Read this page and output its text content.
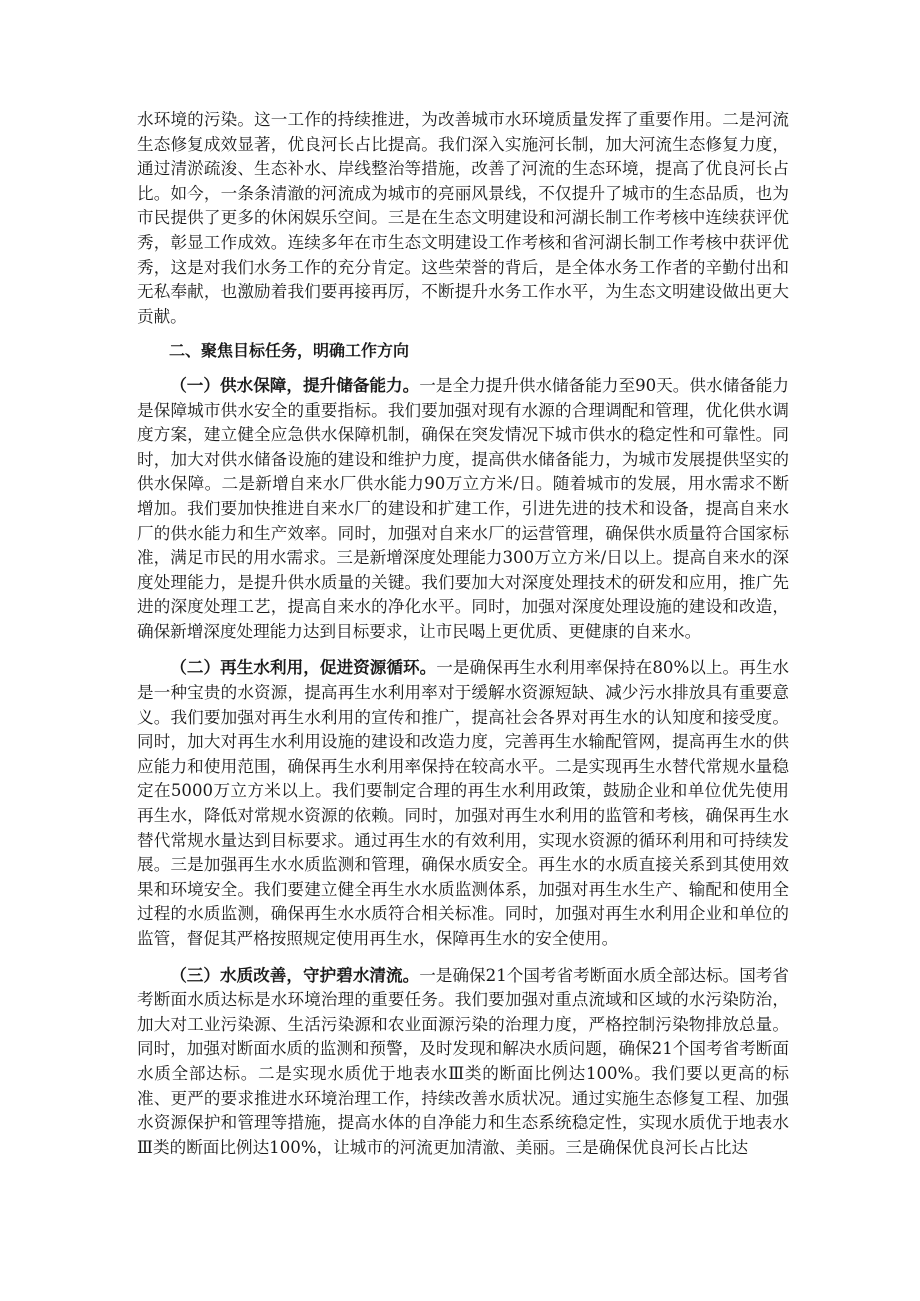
水环境的污染。这一工作的持续推进，为改善城市水环境质量发挥了重要作用。二是河流生态修复成效显著，优良河长占比提高。我们深入实施河长制，加大河流生态修复力度，通过清淤疏浚、生态补水、岸线整治等措施，改善了河流的生态环境，提高了优良河长占比。如今，一条条清澈的河流成为城市的亮丽风景线，不仅提升了城市的生态品质，也为市民提供了更多的休闲娱乐空间。三是在生态文明建设和河湖长制工作考核中连续获评优秀，彰显工作成效。连续多年在市生态文明建设工作考核和省河湖长制工作考核中获评优秀，这是对我们水务工作的充分肯定。这些荣誉的背后，是全体水务工作者的辛勤付出和无私奉献，也激励着我们要再接再厉，不断提升水务工作水平，为生态文明建设做出更大贡献。

二、聚焦目标任务，明确工作方向

（一）供水保障，提升储备能力。一是全力提升供水储备能力至90天。供水储备能力是保障城市供水安全的重要指标。我们要加强对现有水源的合理调配和管理，优化供水调度方案，建立健全应急供水保障机制，确保在突发情况下城市供水的稳定性和可靠性。同时，加大对供水储备设施的建设和维护力度，提高供水储备能力，为城市发展提供坚实的供水保障。二是新增自来水厂供水能力90万立方米/日。随着城市的发展，用水需求不断增加。我们要加快推进自来水厂的建设和扩建工作，引进先进的技术和设备，提高自来水厂的供水能力和生产效率。同时，加强对自来水厂的运营管理，确保供水质量符合国家标准，满足市民的用水需求。三是新增深度处理能力300万立方米/日以上。提高自来水的深度处理能力，是提升供水质量的关键。我们要加大对深度处理技术的研发和应用，推广先进的深度处理工艺，提高自来水的净化水平。同时，加强对深度处理设施的建设和改造，确保新增深度处理能力达到目标要求，让市民喝上更优质、更健康的自来水。

（二）再生水利用，促进资源循环。一是确保再生水利用率保持在80%以上。再生水是一种宝贵的水资源，提高再生水利用率对于缓解水资源短缺、减少污水排放具有重要意义。我们要加强对再生水利用的宣传和推广，提高社会各界对再生水的认知度和接受度。同时，加大对再生水利用设施的建设和改造力度，完善再生水输配管网，提高再生水的供应能力和使用范围，确保再生水利用率保持在较高水平。二是实现再生水替代常规水量稳定在5000万立方米以上。我们要制定合理的再生水利用政策，鼓励企业和单位优先使用再生水，降低对常规水资源的依赖。同时，加强对再生水利用的监管和考核，确保再生水替代常规水量达到目标要求。通过再生水的有效利用，实现水资源的循环利用和可持续发展。三是加强再生水水质监测和管理，确保水质安全。再生水的水质直接关系到其使用效果和环境安全。我们要建立健全再生水水质监测体系，加强对再生水生产、输配和使用全过程的水质监测，确保再生水水质符合相关标准。同时，加强对再生水利用企业和单位的监管，督促其严格按照规定使用再生水，保障再生水的安全使用。

（三）水质改善，守护碧水清流。一是确保21个国考省考断面水质全部达标。国考省考断面水质达标是水环境治理的重要任务。我们要加强对重点流域和区域的水污染防治，加大对工业污染源、生活污染源和农业面源污染的治理力度，严格控制污染物排放总量。同时，加强对断面水质的监测和预警，及时发现和解决水质问题，确保21个国考省考断面水质全部达标。二是实现水质优于地表水Ⅲ类的断面比例达100%。我们要以更高的标准、更严的要求推进水环境治理工作，持续改善水质状况。通过实施生态修复工程、加强水资源保护和管理等措施，提高水体的自净能力和生态系统稳定性，实现水质优于地表水Ⅲ类的断面比例达100%，让城市的河流更加清澈、美丽。三是确保优良河长占比达
